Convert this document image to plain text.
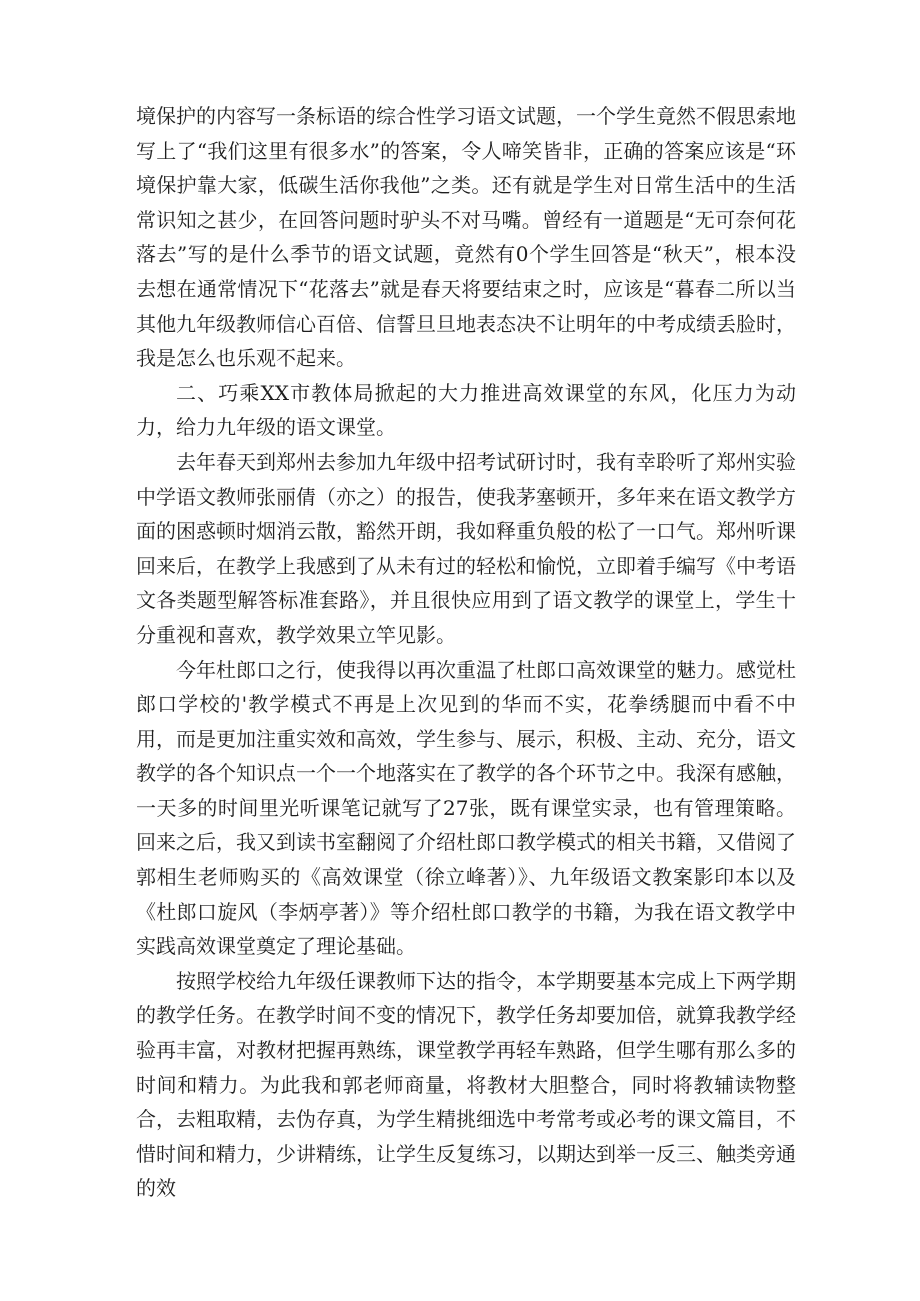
境保护的内容写一条标语的综合性学习语文试题，一个学生竟然不假思索地写上了“我们这里有很多水”的答案，令人啼笑皆非，正确的答案应该是“环境保护靠大家，低碳生活你我他”之类。还有就是学生对日常生活中的生活常识知之甚少，在回答问题时驴头不对马嘴。曾经有一道题是“无可奈何花落去”写的是什么季节的语文试题，竟然有0个学生回答是“秋天”，根本没去想在通常情况下“花落去”就是春天将要结束之时，应该是“暮春二所以当其他九年级教师信心百倍、信誓旦旦地表态决不让明年的中考成绩丢脸时，我是怎么也乐观不起来。

二、巧乘XX市教体局掀起的大力推进高效课堂的东风，化压力为动力，给力九年级的语文课堂。

去年春天到郑州去参加九年级中招考试研讨时，我有幸聆听了郑州实验中学语文教师张丽倩（亦之）的报告，使我茅塞顿开，多年来在语文教学方面的困惑顿时烟消云散，豁然开朗，我如释重负般的松了一口气。郑州听课回来后，在教学上我感到了从未有过的轻松和愉悦，立即着手编写《中考语文各类题型解答标准套路》，并且很快应用到了语文教学的课堂上，学生十分重视和喜欢，教学效果立竿见影。

今年杜郎口之行，使我得以再次重温了杜郎口高效课堂的魅力。感觉杜郎口学校的'教学模式不再是上次见到的华而不实，花拳绣腿而中看不中用，而是更加注重实效和高效，学生参与、展示，积极、主动、充分，语文教学的各个知识点一个一个地落实在了教学的各个环节之中。我深有感触，一天多的时间里光听课笔记就写了27张，既有课堂实录，也有管理策略。回来之后，我又到读书室翻阅了介绍杜郎口教学模式的相关书籍，又借阅了郭相生老师购买的《高效课堂（徐立峰著）》、九年级语文教案影印本以及《杜郎口旋风（李炳亭著）》等介绍杜郎口教学的书籍，为我在语文教学中实践高效课堂奠定了理论基础。

按照学校给九年级任课教师下达的指令，本学期要基本完成上下两学期的教学任务。在教学时间不变的情况下，教学任务却要加倍，就算我教学经验再丰富，对教材把握再熟练，课堂教学再轻车熟路，但学生哪有那么多的时间和精力。为此我和郭老师商量，将教材大胆整合，同时将教辅读物整合，去粗取精，去伪存真，为学生精挑细选中考常考或必考的课文篇目，不惜时间和精力，少讲精练，让学生反复练习，以期达到举一反三、触类旁通的效
